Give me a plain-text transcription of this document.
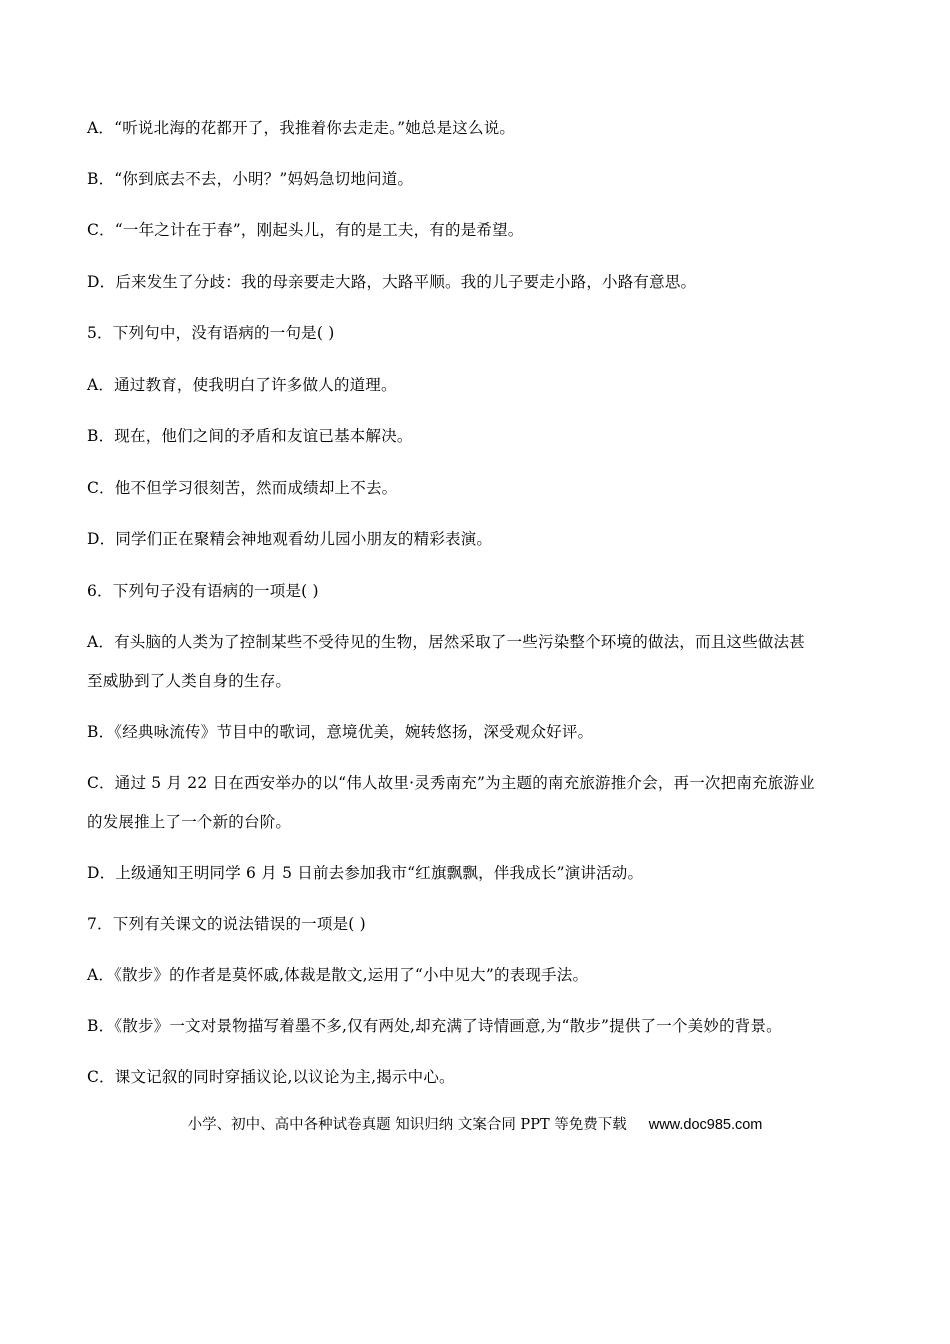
A．“听说北海的花都开了，我推着你去走走。”她总是这么说。
B．“你到底去不去，小明？”妈妈急切地问道。
C．“一年之计在于春”，刚起头儿，有的是工夫，有的是希望。
D．后来发生了分歧：我的母亲要走大路，大路平顺。我的儿子要走小路，小路有意思。
5．下列句中，没有语病的一句是( )
A．通过教育，使我明白了许多做人的道理。
B．现在，他们之间的矛盾和友谊已基本解决。
C．他不但学习很刻苦，然而成绩却上不去。
D．同学们正在聚精会神地观看幼儿园小朋友的精彩表演。
6．下列句子没有语病的一项是( )
A．有头脑的人类为了控制某些不受待见的生物，居然采取了一些污染整个环境的做法，而且这些做法甚
至威胁到了人类自身的生存。
B．《经典咏流传》节目中的歌词，意境优美，婉转悠扬，深受观众好评。
C．通过 5 月 22 日在西安举办的以“伟人故里·灵秀南充”为主题的南充旅游推介会，再一次把南充旅游业
的发展推上了一个新的台阶。
D．上级通知王明同学 6 月 5 日前去参加我市“红旗飘飘，伴我成长”演讲活动。
7．下列有关课文的说法错误的一项是( )
A．《散步》的作者是莫怀戚,体裁是散文,运用了“小中见大”的表现手法。
B．《散步》一文对景物描写着墨不多,仅有两处,却充满了诗情画意,为“散步”提供了一个美妙的背景。
C．课文记叙的同时穿插议论,以议论为主,揭示中心。
小学、初中、高中各种试卷真题 知识归纳 文案合同 PPT 等免费下载 www.doc985.com
